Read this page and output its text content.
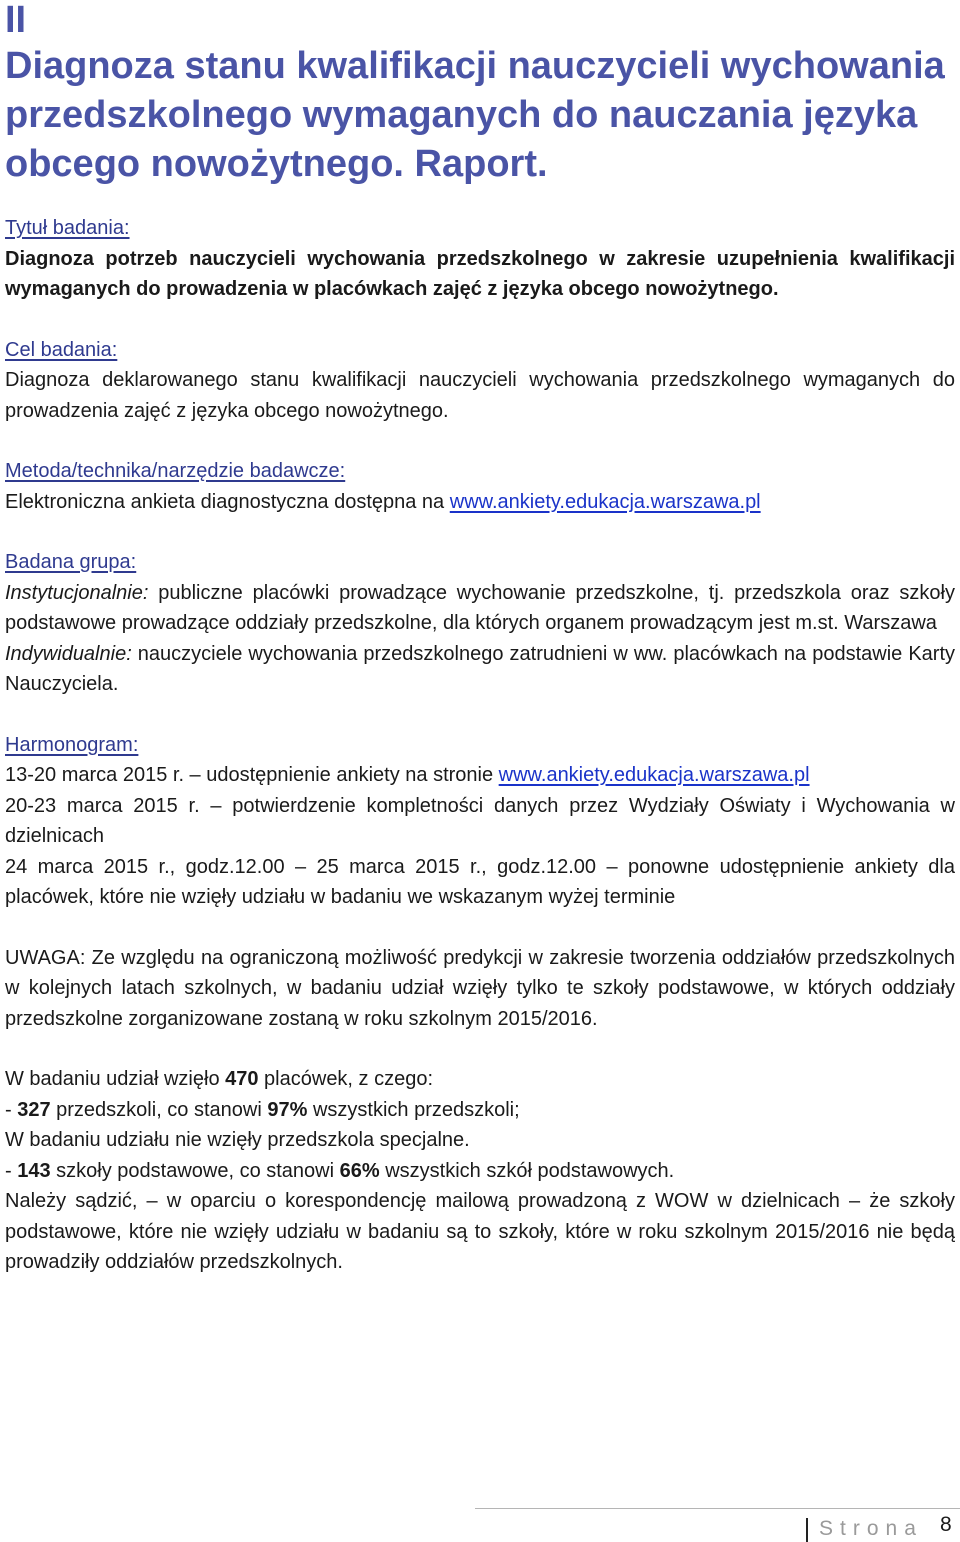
II
Diagnoza stanu kwalifikacji nauczycieli wychowania przedszkolnego wymaganych do nauczania języka obcego nowożytnego. Raport.
Tytuł badania:
Diagnoza potrzeb nauczycieli wychowania przedszkolnego w zakresie uzupełnienia kwalifikacji wymaganych do prowadzenia w placówkach zajęć z języka obcego nowożytnego.
Cel badania:
Diagnoza deklarowanego stanu kwalifikacji nauczycieli wychowania przedszkolnego wymaganych do prowadzenia zajęć z języka obcego nowożytnego.
Metoda/technika/narzędzie badawcze:
Elektroniczna ankieta diagnostyczna dostępna na www.ankiety.edukacja.warszawa.pl
Badana grupa:
Instytucjonalnie: publiczne placówki prowadzące wychowanie przedszkolne, tj. przedszkola oraz szkoły podstawowe prowadzące oddziały przedszkolne, dla których organem prowadzącym jest m.st. Warszawa
Indywidualnie: nauczyciele wychowania przedszkolnego zatrudnieni w ww. placówkach na podstawie Karty Nauczyciela.
Harmonogram:
13-20 marca 2015 r. – udostępnienie ankiety na stronie www.ankiety.edukacja.warszawa.pl
20-23 marca 2015 r. – potwierdzenie kompletności danych przez Wydziały Oświaty i Wychowania w dzielnicach
24 marca 2015 r., godz.12.00 – 25 marca 2015 r., godz.12.00 – ponowne udostępnienie ankiety dla placówek, które nie wzięły udziału w badaniu we wskazanym wyżej terminie
UWAGA: Ze względu na ograniczoną możliwość predykcji w zakresie tworzenia oddziałów przedszkolnych w kolejnych latach szkolnych, w badaniu udział wzięły tylko te szkoły podstawowe, w których oddziały przedszkolne zorganizowane zostaną w roku szkolnym 2015/2016.
W badaniu udział wzięło 470 placówek, z czego:
- 327 przedszkoli, co stanowi 97% wszystkich przedszkoli;
W badaniu udziału nie wzięły przedszkola specjalne.
- 143 szkoły podstawowe, co stanowi 66% wszystkich szkół podstawowych.
Należy sądzić, – w oparciu o korespondencję mailową prowadzoną z WOW w dzielnicach – że szkoły podstawowe, które nie wzięły udziału w badaniu są to szkoły, które w roku szkolnym 2015/2016 nie będą prowadziły oddziałów przedszkolnych.
Strona 8
